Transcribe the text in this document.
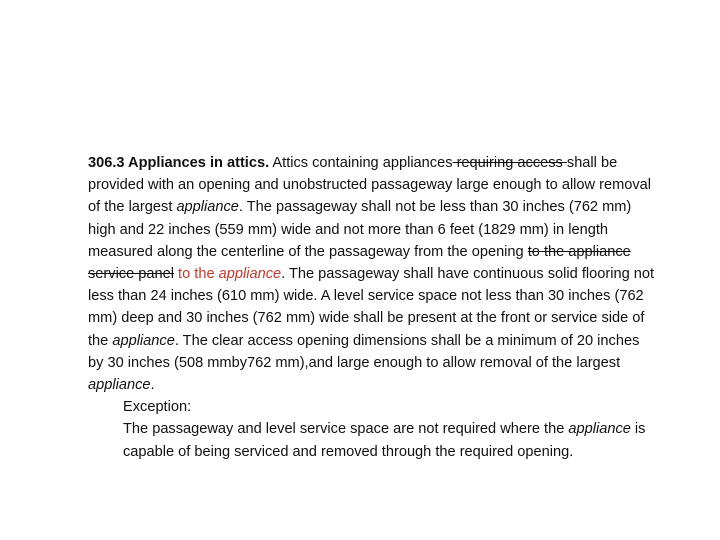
306.3 Appliances in attics. Attics containing appliances requiring access shall be provided with an opening and unobstructed passageway large enough to allow removal of the largest appliance. The passageway shall not be less than 30 inches (762 mm) high and 22 inches (559 mm) wide and not more than 6 feet (1829 mm) in length measured along the centerline of the passageway from the opening to the appliance service panel to the appliance. The passageway shall have continuous solid flooring not less than 24 inches (610 mm) wide. A level service space not less than 30 inches (762 mm) deep and 30 inches (762 mm) wide shall be present at the front or service side of the appliance. The clear access opening dimensions shall be a minimum of 20 inches by 30 inches (508 mmby762 mm),and large enough to allow removal of the largest appliance.

Exception:
The passageway and level service space are not required where the appliance is capable of being serviced and removed through the required opening.
